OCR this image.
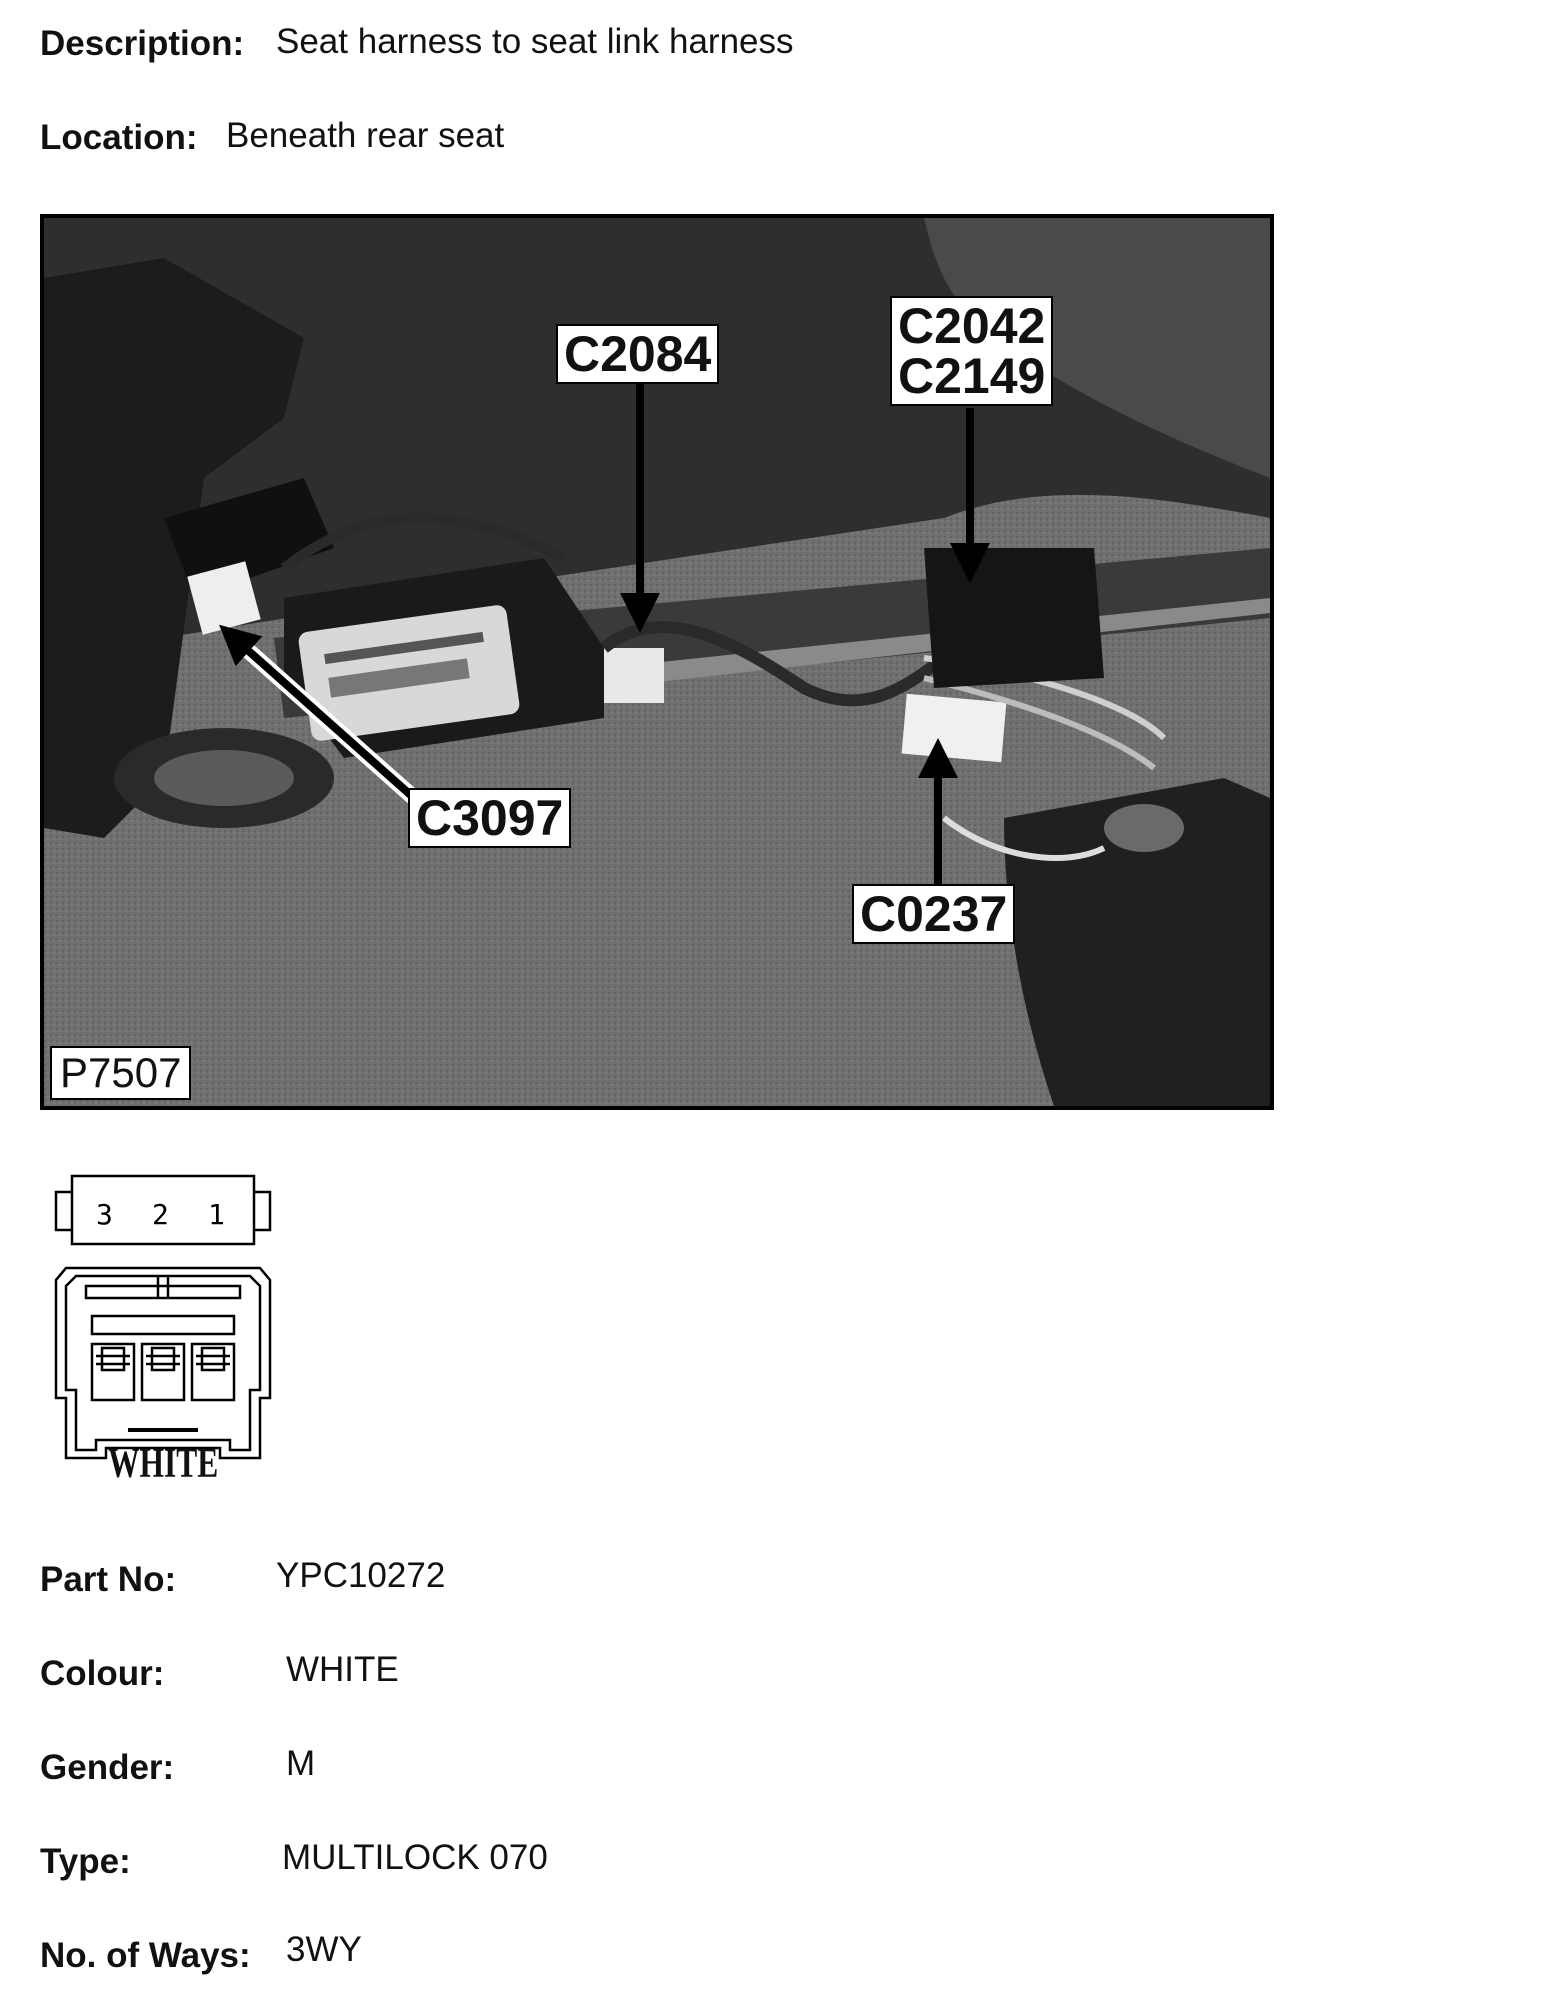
Description: Seat harness to seat link harness
Location: Beneath rear seat
C2084	C2042
C2149
C3097
C0237
P7507
3 2 1
WHITE
Part No:	YPC10272
Colour:	WHITE
Gender:	M
Type:	MULTILOCK 070
No. of Ways: 3WY
